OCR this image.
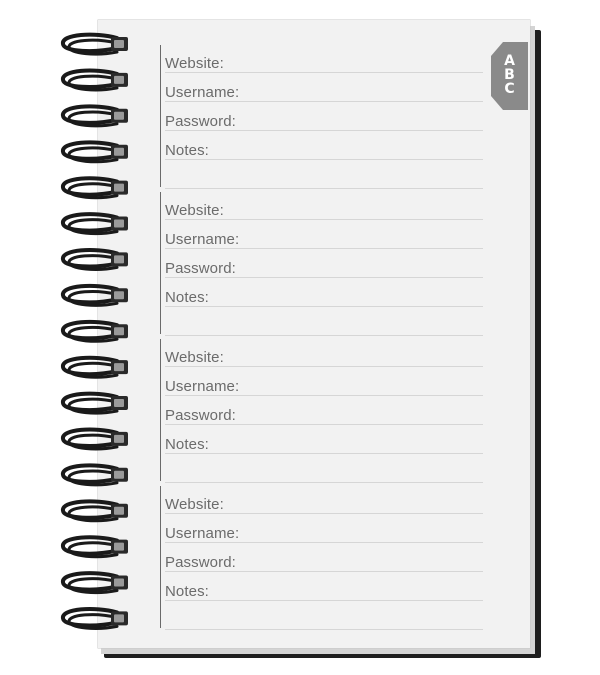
A
B
C
Website:
Username:
Password:
Notes:
Website:
Username:
Password:
Notes:
Website:
Username:
Password:
Notes:
Website:
Username:
Password:
Notes:
